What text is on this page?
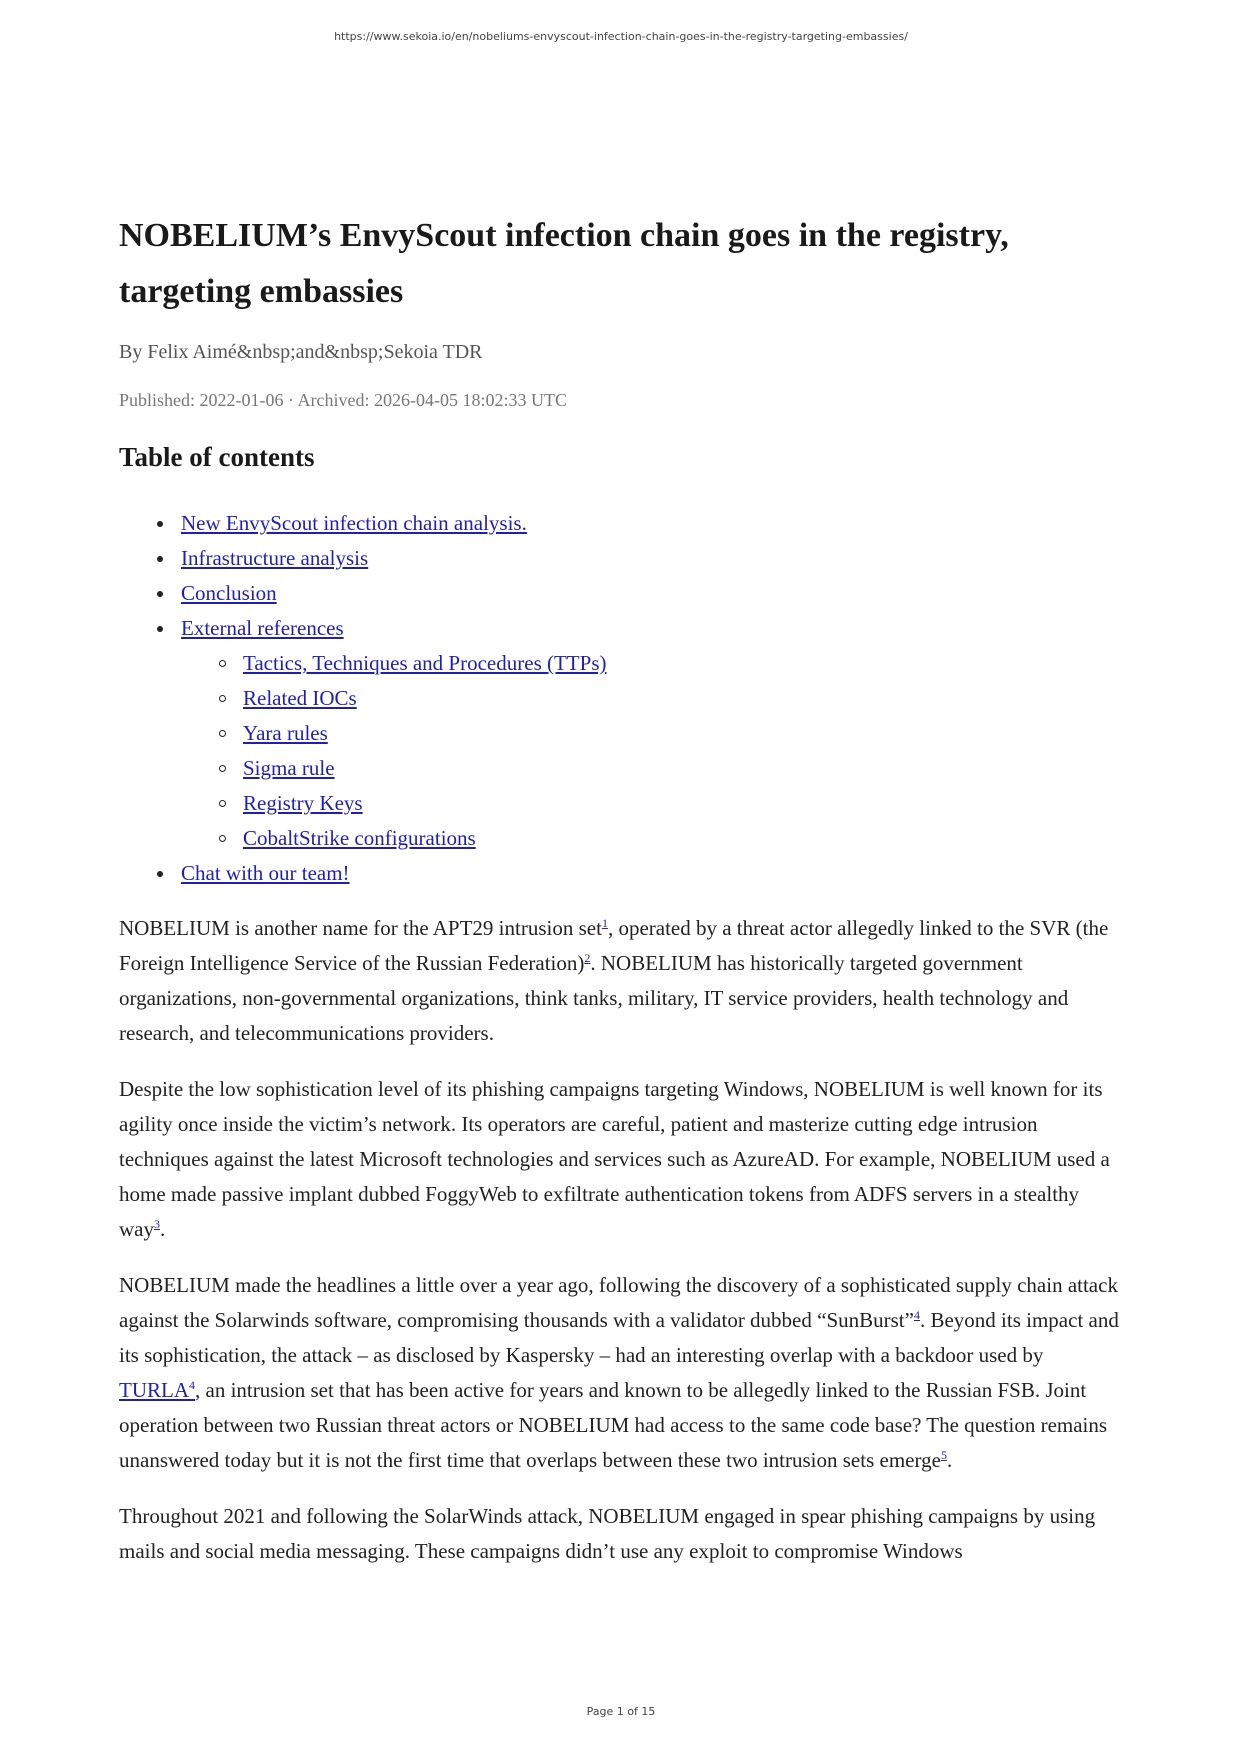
https://www.sekoia.io/en/nobeliums-envyscout-infection-chain-goes-in-the-registry-targeting-embassies/
NOBELIUM’s EnvyScout infection chain goes in the registry, targeting embassies
By Felix Aimé&nbsp;and&nbsp;Sekoia TDR
Published: 2022-01-06 · Archived: 2026-04-05 18:02:33 UTC
Table of contents
New EnvyScout infection chain analysis.
Infrastructure analysis
Conclusion
External references
Tactics, Techniques and Procedures (TTPs)
Related IOCs
Yara rules
Sigma rule
Registry Keys
CobaltStrike configurations
Chat with our team!

NOBELIUM is another name for the APT29 intrusion set$^1$, operated by a threat actor allegedly linked to the SVR (the Foreign Intelligence Service of the Russian Federation)$^2$. NOBELIUM has historically targeted government organizations, non-governmental organizations, think tanks, military, IT service providers, health technology and research, and telecommunications providers.

Despite the low sophistication level of its phishing campaigns targeting Windows, NOBELIUM is well known for its agility once inside the victim’s network. Its operators are careful, patient and masterize cutting edge intrusion techniques against the latest Microsoft technologies and services such as AzureAD. For example, NOBELIUM used a home made passive implant dubbed FoggyWeb to exfiltrate authentication tokens from ADFS servers in a stealthy way$^3$.

NOBELIUM made the headlines a little over a year ago, following the discovery of a sophisticated supply chain attack against the Solarwinds software, compromising thousands with a validator dubbed “SunBurst”$^4$. Beyond its impact and its sophistication, the attack – as disclosed by Kaspersky – had an interesting overlap with a backdoor used by TURLA$^4$, an intrusion set that has been active for years and known to be allegedly linked to the Russian FSB. Joint operation between two Russian threat actors or NOBELIUM had access to the same code base? The question remains unanswered today but it is not the first time that overlaps between these two intrusion sets emerge$^5$.

Throughout 2021 and following the SolarWinds attack, NOBELIUM engaged in spear phishing campaigns by using mails and social media messaging. These campaigns didn’t use any exploit to compromise Windows

Page 1 of 15
